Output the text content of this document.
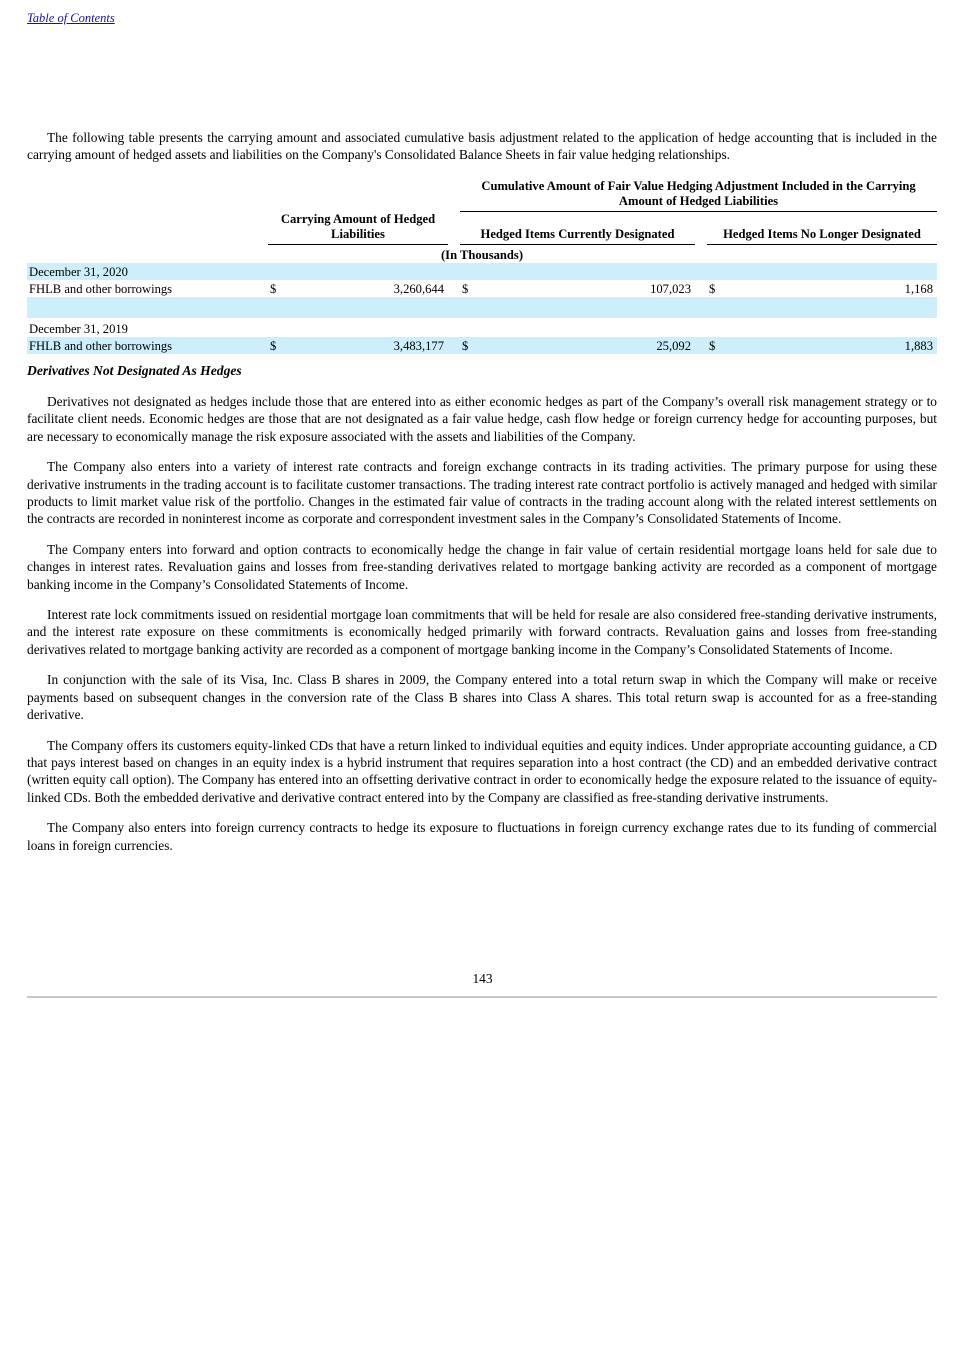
Table of Contents

The following table presents the carrying amount and associated cumulative basis adjustment related to the application of hedge accounting that is included in the carrying amount of hedged assets and liabilities on the Company's Consolidated Balance Sheets in fair value hedging relationships.

				Cumulative Amount of Fair Value Hedging Adjustment Included in the Carrying Amount of Hedged Liabilities				
	Carrying Amount of Hedged Liabilities			Hedged Items Currently Designated			Hedged Items No Longer Designated	
(In Thousands)								
December 31, 2020								
FHLB and other borrowings	$	3,260,644		$	107,023		$	1,168

December 31, 2019								
FHLB and other borrowings	$	3,483,177		$	25,092		$	1,883
Derivatives Not Designated As Hedges

Derivatives not designated as hedges include those that are entered into as either economic hedges as part of the Company’s overall risk management strategy or to facilitate client needs. Economic hedges are those that are not designated as a fair value hedge, cash flow hedge or foreign currency hedge for accounting purposes, but are necessary to economically manage the risk exposure associated with the assets and liabilities of the Company.

The Company also enters into a variety of interest rate contracts and foreign exchange contracts in its trading activities. The primary purpose for using these derivative instruments in the trading account is to facilitate customer transactions. The trading interest rate contract portfolio is actively managed and hedged with similar products to limit market value risk of the portfolio. Changes in the estimated fair value of contracts in the trading account along with the related interest settlements on the contracts are recorded in noninterest income as corporate and correspondent investment sales in the Company’s Consolidated Statements of Income.

The Company enters into forward and option contracts to economically hedge the change in fair value of certain residential mortgage loans held for sale due to changes in interest rates. Revaluation gains and losses from free-standing derivatives related to mortgage banking activity are recorded as a component of mortgage banking income in the Company’s Consolidated Statements of Income.

Interest rate lock commitments issued on residential mortgage loan commitments that will be held for resale are also considered free-standing derivative instruments, and the interest rate exposure on these commitments is economically hedged primarily with forward contracts. Revaluation gains and losses from free-standing derivatives related to mortgage banking activity are recorded as a component of mortgage banking income in the Company’s Consolidated Statements of Income.

In conjunction with the sale of its Visa, Inc. Class B shares in 2009, the Company entered into a total return swap in which the Company will make or receive payments based on subsequent changes in the conversion rate of the Class B shares into Class A shares. This total return swap is accounted for as a free-standing derivative.

The Company offers its customers equity-linked CDs that have a return linked to individual equities and equity indices. Under appropriate accounting guidance, a CD that pays interest based on changes in an equity index is a hybrid instrument that requires separation into a host contract (the CD) and an embedded derivative contract (written equity call option). The Company has entered into an offsetting derivative contract in order to economically hedge the exposure related to the issuance of equity-linked CDs. Both the embedded derivative and derivative contract entered into by the Company are classified as free-standing derivative instruments.

The Company also enters into foreign currency contracts to hedge its exposure to fluctuations in foreign currency exchange rates due to its funding of commercial loans in foreign currencies.

143
